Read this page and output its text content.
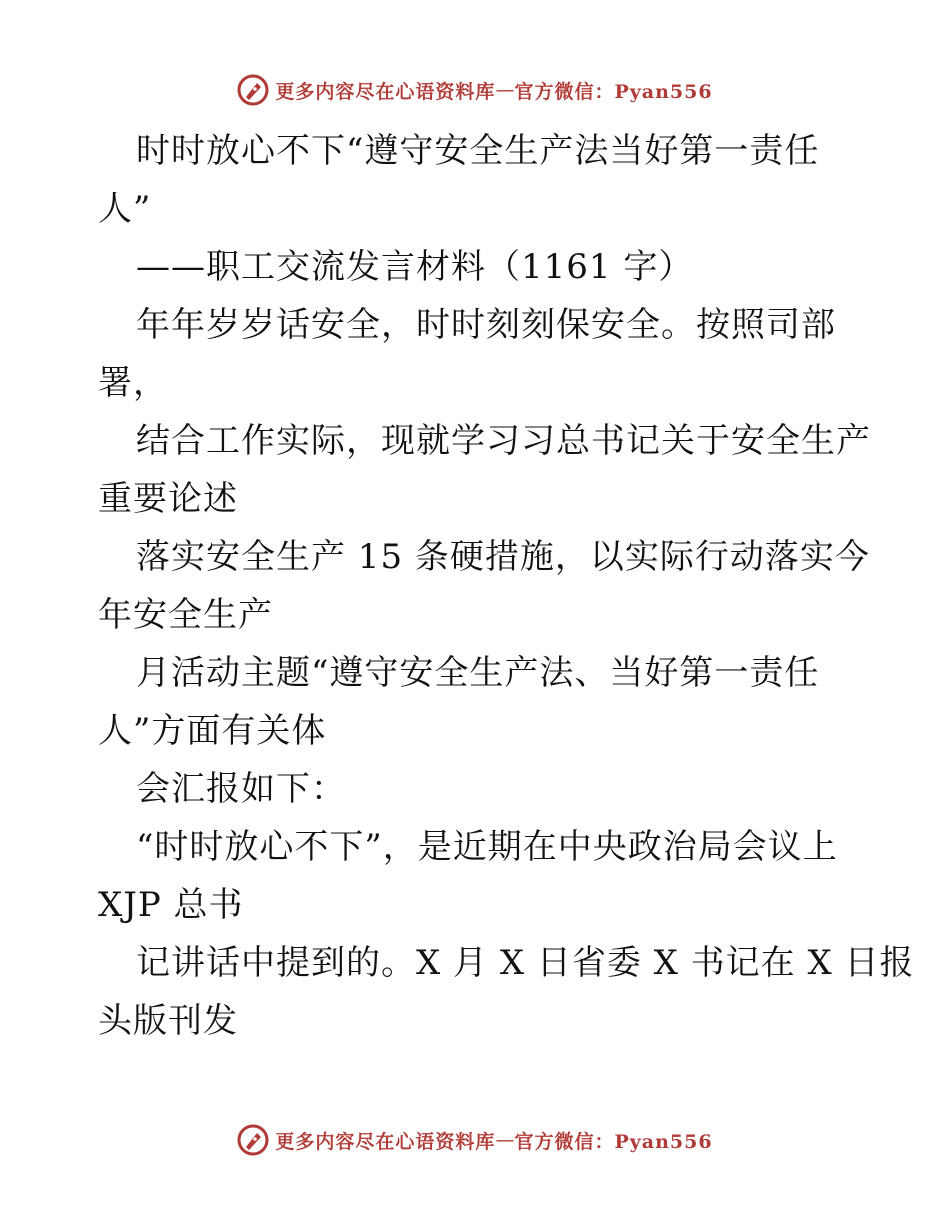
更多内容尽在心语资料库 — 官方微信：Pyan556
时时放心不下“遵守安全生产法当好第一责任
人”
——职工交流发言材料（1161 字）
年年岁岁话安全，时时刻刻保安全。按照司部
署，
结合工作实际，现就学习习总书记关于安全生产
重要论述
落实安全生产 15 条硬措施，以实际行动落实今
年安全生产
月活动主题“遵守安全生产法、当好第一责任
人”方面有关体
会汇报如下：
“时时放心不下”，是近期在中央政治局会议上
XJP 总书
记讲话中提到的。X 月 X 日省委 X 书记在 X 日报
头版刊发
更多内容尽在心语资料库 — 官方微信：Pyan556
